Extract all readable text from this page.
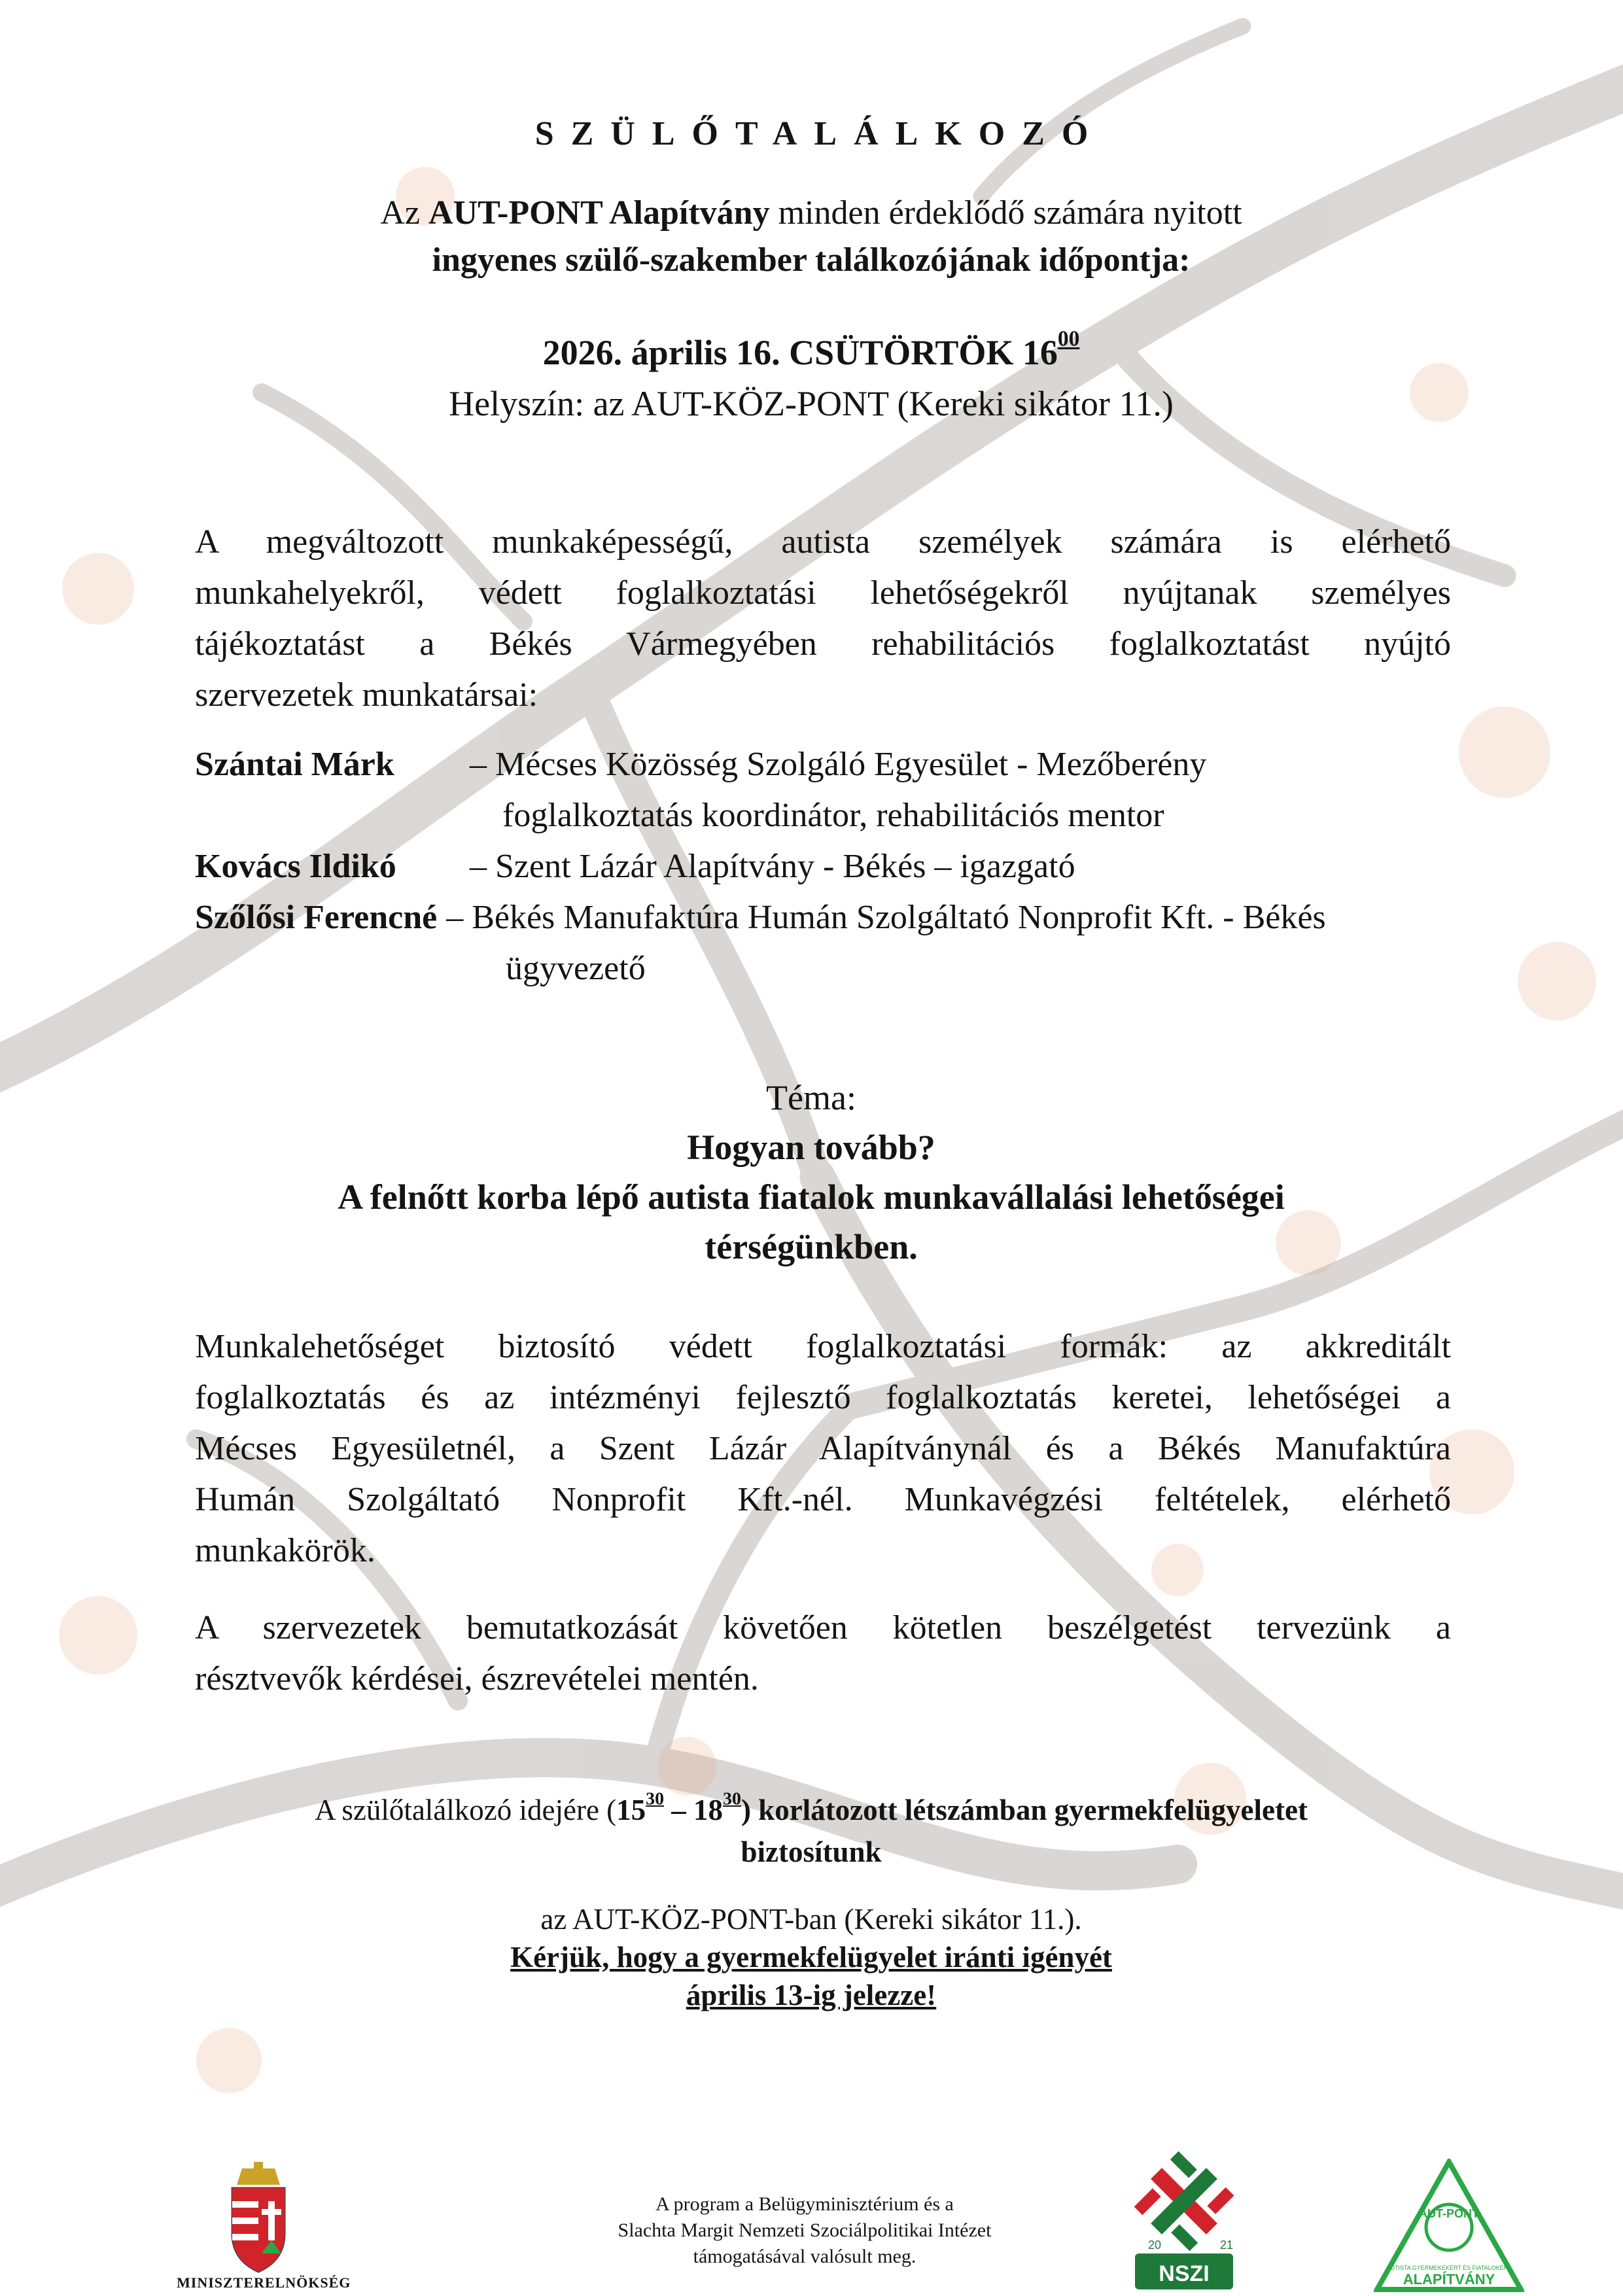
SZÜLŐTALÁLKOZÓ
Az AUT-PONT Alapítvány minden érdeklődő számára nyitott
ingyenes szülő-szakember találkozójának időpontja:
2026. április 16. CSÜTÖRTÖK $16^{00}$
Helyszín: az AUT-KÖZ-PONT (Kereki sikátor 11.)
A megváltozott munkaképességű, autista személyek számára is elérhető
munkahelyekről, védett foglalkoztatási lehetőségekről nyújtanak személyes
tájékoztatást a Békés Vármegyében rehabilitációs foglalkoztatást nyújtó
szervezetek munkatársai:
Szántai Márk	– Mécses Közösség Szolgáló Egyesület - Mezőberény
foglalkoztatás koordinátor, rehabilitációs mentor
Kovács Ildikó	– Szent Lázár Alapítvány - Békés – igazgató
Szőlősi Ferencné – Békés Manufaktúra Humán Szolgáltató Nonprofit Kft. - Békés
ügyvezető
Téma:
Hogyan tovább?
A felnőtt korba lépő autista fiatalok munkavállalási lehetőségei
térségünkben.
Munkalehetőséget biztosító védett foglalkoztatási formák: az akkreditált
foglalkoztatás és az intézményi fejlesztő foglalkoztatás keretei, lehetőségei a
Mécses Egyesületnél, a Szent Lázár Alapítványnál és a Békés Manufaktúra
Humán Szolgáltató Nonprofit Kft.-nél. Munkavégzési feltételek, elérhető
munkakörök.
A szervezetek bemutatkozását követően kötetlen beszélgetést tervezünk a
résztvevők kérdései, észrevételei mentén.
A szülőtalálkozó idejére $(15^{30} - 18^{30})$ korlátozott létszámban gyermekfelügyeletet
biztosítunk
az AUT-KÖZ-PONT-ban (Kereki sikátor 11.).
Kérjük, hogy a gyermekfelügyelet iránti igényét
április 13-ig jelezze!
MINISZTERELNÖKSÉG
A program a Belügyminisztérium és a
Slachta Margit Nemzeti Szociálpolitikai Intézet
támogatásával valósult meg.
NSZI
20	21
AUT-PONT
AUTISTA GYERMEKEKÉRT ÉS FIATALOKÉRT
ALAPÍTVÁNY
